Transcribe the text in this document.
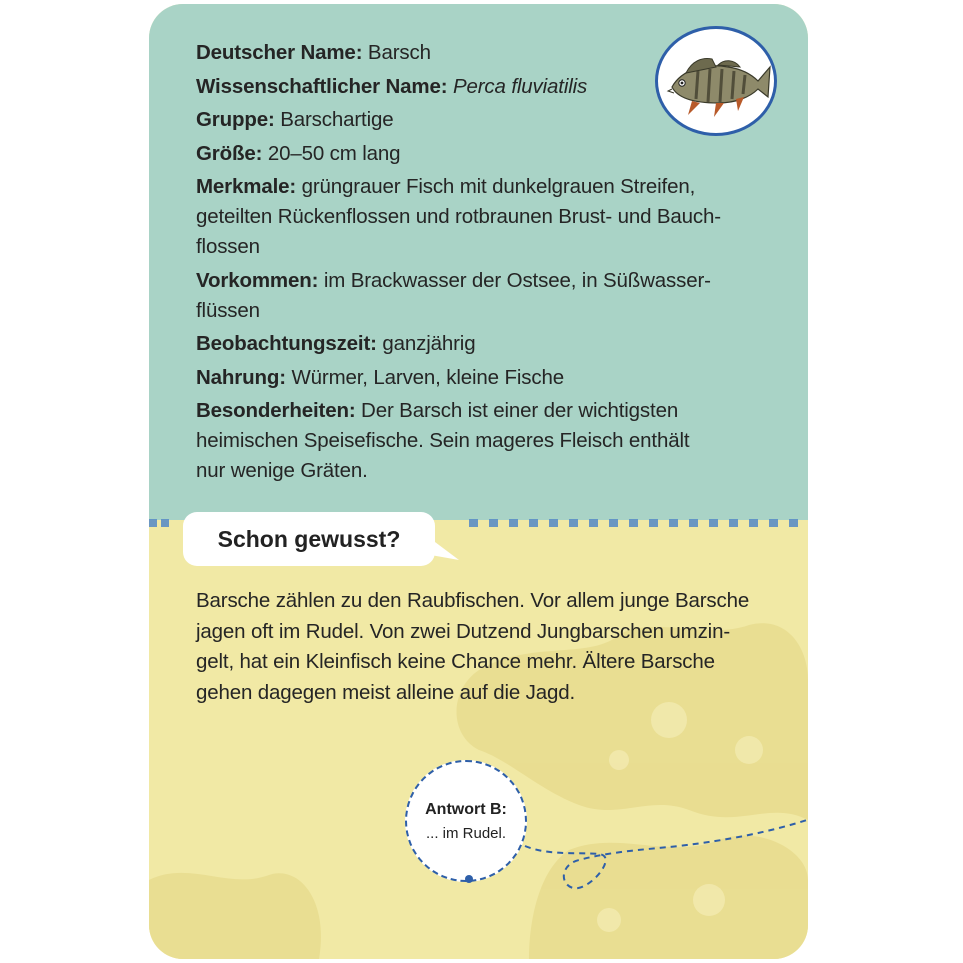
Deutscher Name: Barsch
Wissenschaftlicher Name: Perca fluviatilis
Gruppe: Barschartige
Größe: 20–50 cm lang
Merkmale: grüngrauer Fisch mit dunkelgrauen Streifen,
geteilten Rückenflossen und rotbraunen Brust- und Bauch-
flossen
Vorkommen: im Brackwasser der Ostsee, in Süßwasser-
flüssen
Beobachtungszeit: ganzjährig
Nahrung: Würmer, Larven, kleine Fische
Besonderheiten: Der Barsch ist einer der wichtigsten
heimischen Speisefische. Sein mageres Fleisch enthält
nur wenige Gräten.
Schon gewusst?
Barsche zählen zu den Raubfischen. Vor allem junge Barsche
jagen oft im Rudel. Von zwei Dutzend Jungbarschen umzin-
gelt, hat ein Kleinfisch keine Chance mehr. Ältere Barsche
gehen dagegen meist alleine auf die Jagd.
Antwort B:
... im Rudel.
